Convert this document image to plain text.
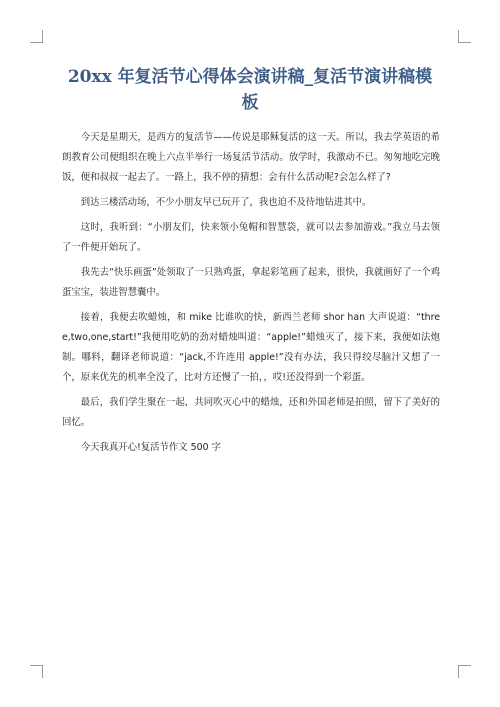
20xx 年复活节心得体会演讲稿_复活节演讲稿模板

今天是星期天，是西方的复活节——传说是耶稣复活的这一天。所以，我去学英语的希朗教育公司便组织在晚上六点半举行一场复活节活动。放学时，我激动不已。匆匆地吃完晚饭，便和叔叔一起去了。一路上，我不停的猜想：会有什么活动呢?会怎么样了?

到达三楼活动场，不少小朋友早已玩开了，我也迫不及待地钻进其中。

这时，我听到：“小朋友们，快来领小兔帽和智慧袋，就可以去参加游戏。”我立马去领了一件便开始玩了。

我先去“快乐画蛋”处领取了一只熟鸡蛋，拿起彩笔画了起来，很快，我就画好了一个鸡蛋宝宝，装进智慧囊中。

接着，我便去吹蜡烛，和 mike 比谁吹的快，新西兰老师 shor han 大声说道：“three,two,one,start!”我便用吃奶的劲对蜡烛叫道：“apple!”蜡烛灭了，接下来，我便如法炮制。哪料，翻译老师说道：“jack,不许连用 apple!”没有办法，我只得绞尽脑汁又想了一个，原来优先的机率全没了，比对方还慢了一拍，，哎!还没得到一个彩蛋。

最后，我们学生聚在一起，共同吹灭心中的蜡烛，还和外国老师是拍照，留下了美好的回忆。

今天我真开心!复活节作文 500 字
